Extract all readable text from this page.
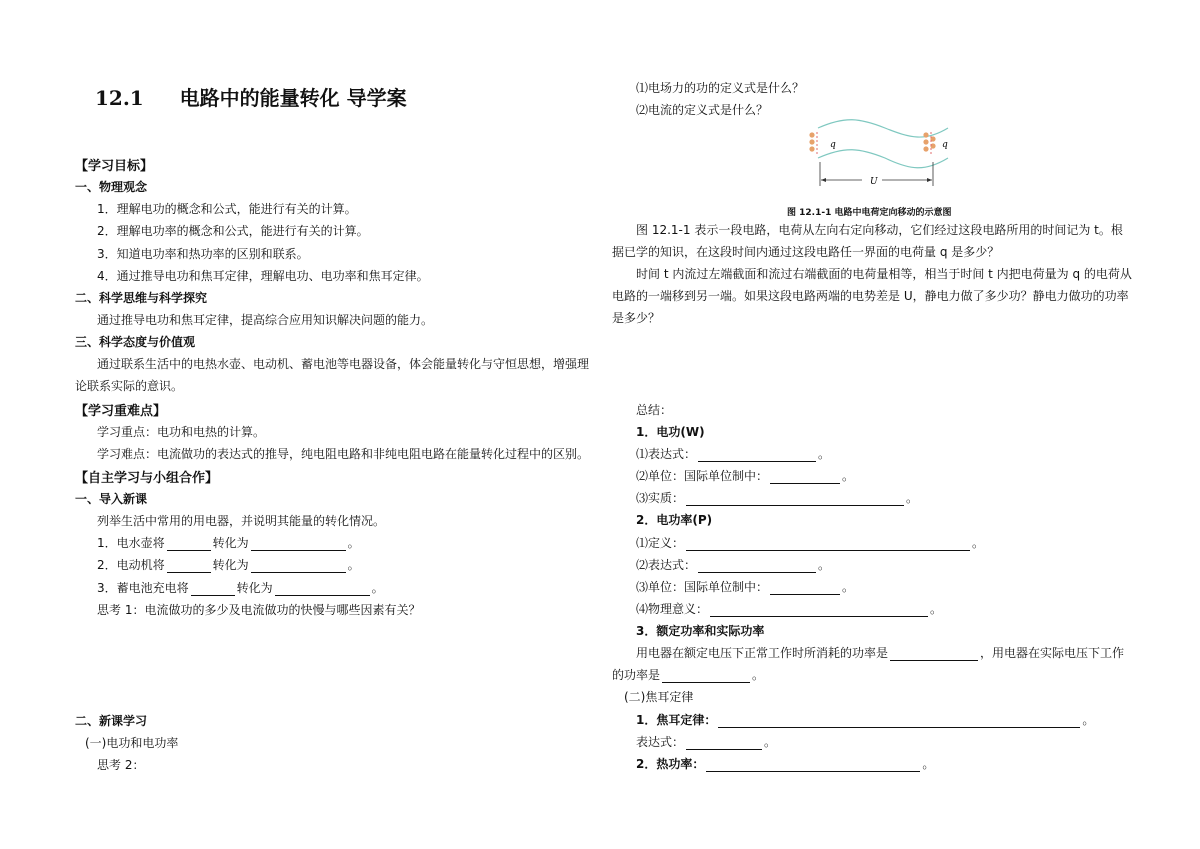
12.1 电路中的能量转化 导学案
【学习目标】
一、物理观念
1．理解电功的概念和公式，能进行有关的计算。
2．理解电功率的概念和公式，能进行有关的计算。
3．知道电功率和热功率的区别和联系。
4．通过推导电功和焦耳定律，理解电功、电功率和焦耳定律。
二、科学思维与科学探究
通过推导电功和焦耳定律，提高综合应用知识解决问题的能力。
三、科学态度与价值观
通过联系生活中的电热水壶、电动机、蓄电池等电器设备，体会能量转化与守恒思想，增强理
论联系实际的意识。
【学习重难点】
学习重点：电功和电热的计算。
学习难点：电流做功的表达式的推导，纯电阻电路和非纯电阻电路在能量转化过程中的区别。
【自主学习与小组合作】
一、导入新课
列举生活中常用的用电器，并说明其能量的转化情况。
1．电水壶将	转化为	。
2．电动机将	转化为	。
3．蓄电池充电将	转化为	。
思考 1：电流做功的多少及电流做功的快慢与哪些因素有关？
二、新课学习
(一)电功和电功率
思考 2：
⑴电场力的功的定义式是什么？
⑵电流的定义式是什么？
q	q
U
图 12.1-1 电路中电荷定向移动的示意图
图 12.1-1 表示一段电路，电荷从左向右定向移动，它们经过这段电路所用的时间记为 t。根据已学的知识，在这段时间内通过这段电路任一界面的电荷量 q 是多少？
时间 t 内流过左端截面和流过右端截面的电荷量相等，相当于时间 t 内把电荷量为 q 的电荷从电路的一端移到另一端。如果这段电路两端的电势差是 U，静电力做了多少功？静电力做功的功率是多少？
总结：
1．电功(W)
⑴表达式：	。
⑵单位：国际单位制中：	。
⑶实质：	。
2．电功率(P)
⑴定义：	。
⑵表达式：	。
⑶单位：国际单位制中：	。
⑷物理意义：	。
3．额定功率和实际功率
用电器在额定电压下正常工作时所消耗的功率是	，用电器在实际电压下工作
的功率是	。
(二)焦耳定律
1．焦耳定律：	。
表达式：	。
2．热功率：	。
